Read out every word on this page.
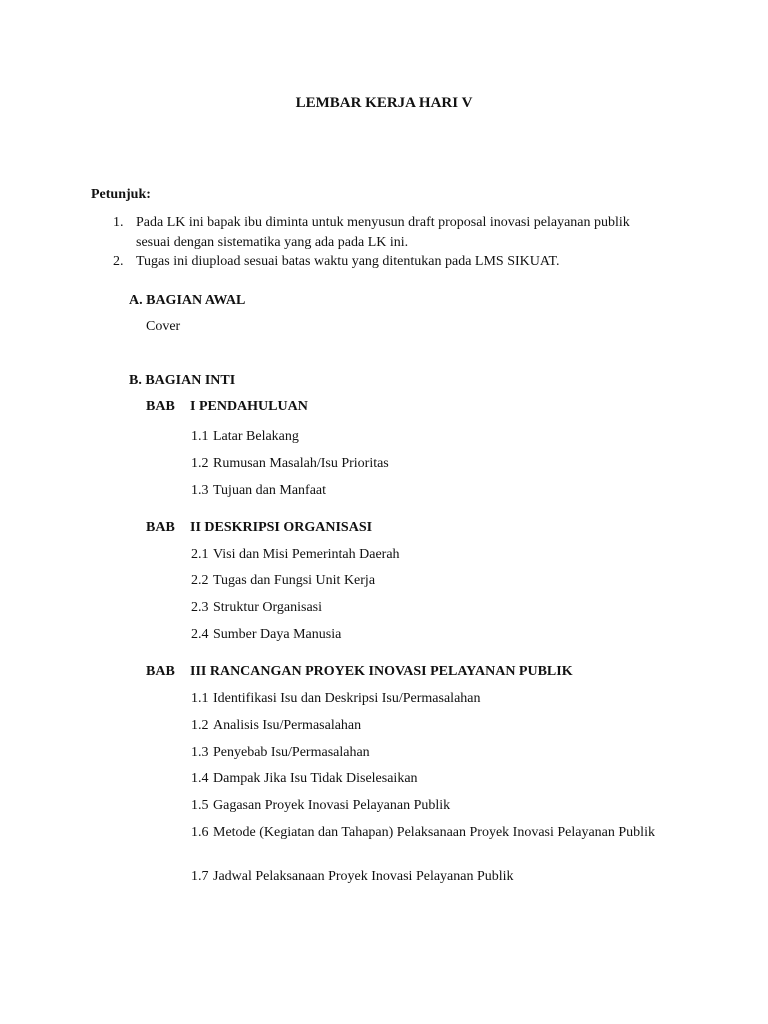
LEMBAR KERJA HARI V
Petunjuk:
1. Pada LK ini bapak ibu diminta untuk menyusun draft proposal inovasi pelayanan publik
sesuai dengan sistematika yang ada pada LK ini.
2. Tugas ini diupload sesuai batas waktu yang ditentukan pada LMS SIKUAT.
A. BAGIAN AWAL
Cover
B. BAGIAN INTI
BAB I PENDAHULUAN
1.1 Latar Belakang
1.2 Rumusan Masalah/Isu Prioritas
1.3 Tujuan dan Manfaat
BAB II DESKRIPSI ORGANISASI
2.1 Visi dan Misi Pemerintah Daerah
2.2 Tugas dan Fungsi Unit Kerja
2.3 Struktur Organisasi
2.4 Sumber Daya Manusia
BAB III RANCANGAN PROYEK INOVASI PELAYANAN PUBLIK
1.1 Identifikasi Isu dan Deskripsi Isu/Permasalahan
1.2 Analisis Isu/Permasalahan
1.3 Penyebab Isu/Permasalahan
1.4 Dampak Jika Isu Tidak Diselesaikan
1.5 Gagasan Proyek Inovasi Pelayanan Publik
1.6 Metode (Kegiatan dan Tahapan) Pelaksanaan Proyek Inovasi Pelayanan Publik
1.7 Jadwal Pelaksanaan Proyek Inovasi Pelayanan Publik
